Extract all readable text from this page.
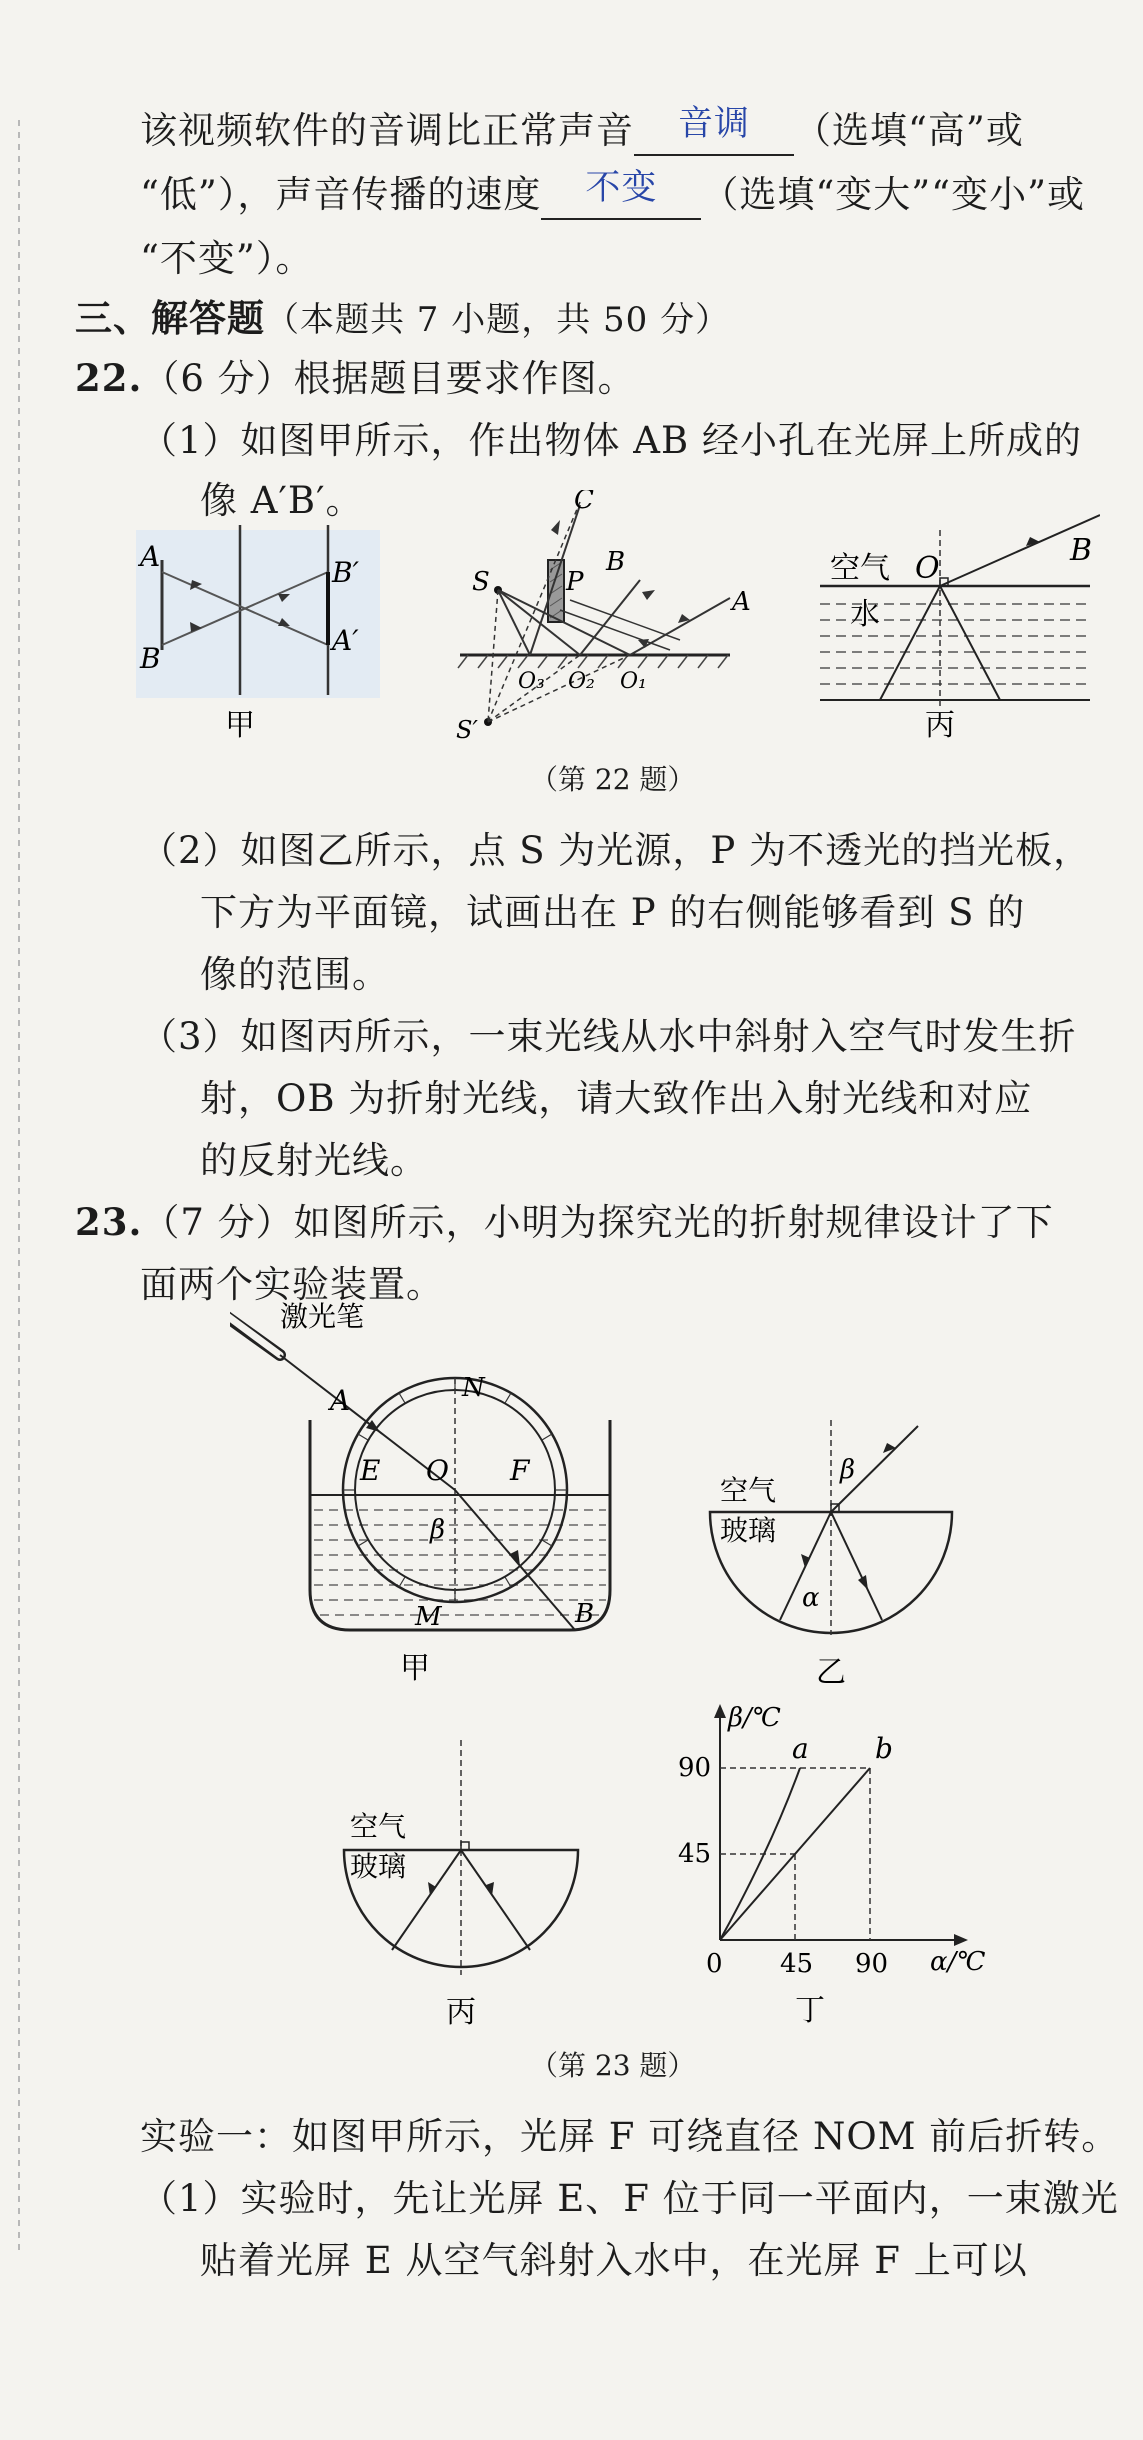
该视频软件的音调比正常声音 音调 （选填“高”或
“低”），声音传播的速度 不变 （选填“变大”“变小”或
“不变”）。
三、解答题（本题共 7 小题，共 50 分）
22.（6 分）根据题目要求作图。
（1）如图甲所示，作出物体 AB 经小孔在光屏上所成的
像 A′B′。
A
B
B′
A′
甲
C
S	P
B
A
O₃ O₂ O₁
S′
空气
水
O
B
丙
（第 22 题）
（2）如图乙所示，点 S 为光源，P 为不透光的挡光板，
下方为平面镜，试画出在 P 的右侧能够看到 S 的
像的范围。
（3）如图丙所示，一束光线从水中斜射入空气时发生折
射，OB 为折射光线，请大致作出入射光线和对应
的反射光线。
23.（7 分）如图所示，小明为探究光的折射规律设计了下
面两个实验装置。
激光笔
A	N
E O F
β
M	B
甲
空气
玻璃
β
α
乙
空气
玻璃
丙
β/℃
α/℃
90
45
0 45 90
a b
丁
（第 23 题）
实验一：如图甲所示，光屏 F 可绕直径 NOM 前后折转。
（1）实验时，先让光屏 E、F 位于同一平面内，一束激光
贴着光屏 E 从空气斜射入水中，在光屏 F 上可以
